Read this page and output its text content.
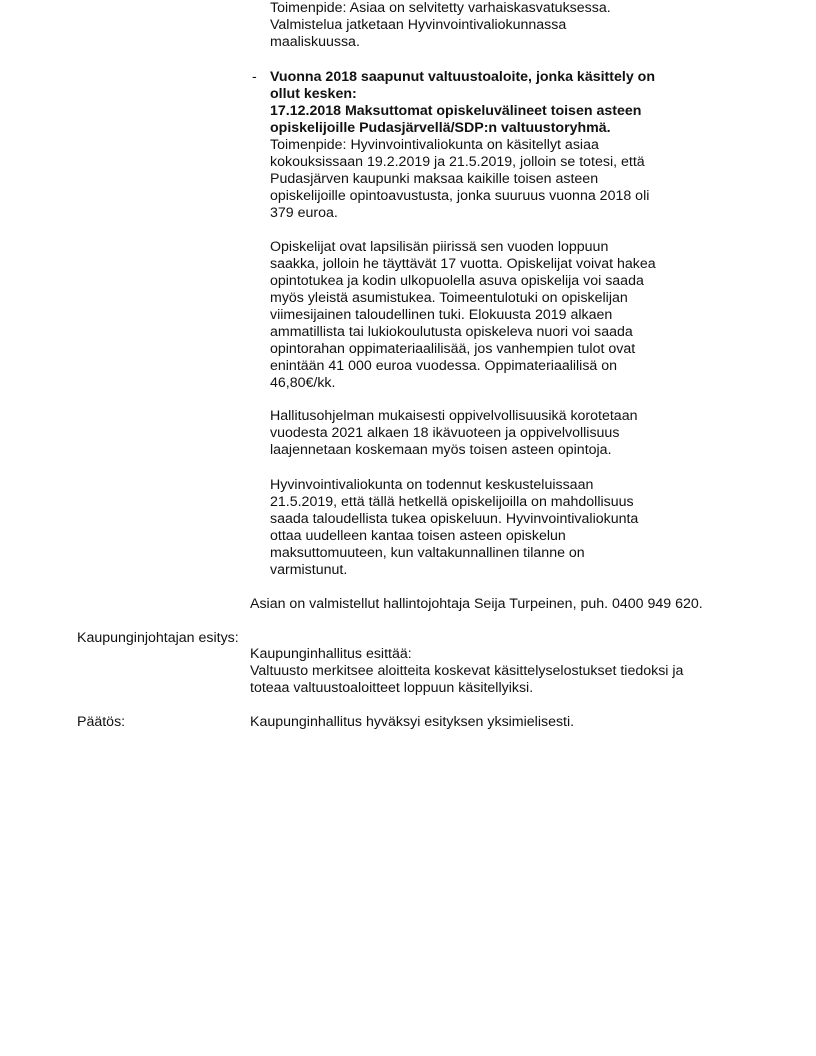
Toimenpide: Asiaa on selvitetty varhaiskasvatuksessa.
Valmistelua jatketaan Hyvinvointivaliokunnassa
maaliskuussa.
- Vuonna 2018 saapunut valtuustoaloite, jonka käsittely on
ollut kesken:
17.12.2018 Maksuttomat opiskeluvälineet toisen asteen
opiskelijoille Pudasjärvellä/SDP:n valtuustoryhmä.
Toimenpide: Hyvinvointivaliokunta on käsitellyt asiaa
kokouksissaan 19.2.2019 ja 21.5.2019, jolloin se totesi, että
Pudasjärven kaupunki maksaa kaikille toisen asteen
opiskelijoille opintoavustusta, jonka suuruus vuonna 2018 oli
379 euroa.
Opiskelijat ovat lapsilisän piirissä sen vuoden loppuun
saakka, jolloin he täyttävät 17 vuotta. Opiskelijat voivat hakea
opintotukea ja kodin ulkopuolella asuva opiskelija voi saada
myös yleistä asumistukea. Toimeentulotuki on opiskelijan
viimesijainen taloudellinen tuki. Elokuusta 2019 alkaen
ammatillista tai lukiokoulutusta opiskeleva nuori voi saada
opintorahan oppimateriaalilisää, jos vanhempien tulot ovat
enintään 41 000 euroa vuodessa. Oppimateriaalilisä on
46,80€/kk.
Hallitusohjelman mukaisesti oppivelvollisuusikä korotetaan
vuodesta 2021 alkaen 18 ikävuoteen ja oppivelvollisuus
laajennetaan koskemaan myös toisen asteen opintoja.
Hyvinvointivaliokunta on todennut keskusteluissaan
21.5.2019, että tällä hetkellä opiskelijoilla on mahdollisuus
saada taloudellista tukea opiskeluun. Hyvinvointivaliokunta
ottaa uudelleen kantaa toisen asteen opiskelun
maksuttomuuteen, kun valtakunnallinen tilanne on
varmistunut.
Asian on valmistellut hallintojohtaja Seija Turpeinen, puh. 0400 949 620.
Kaupunginjohtajan esitys:
Kaupunginhallitus esittää:
Valtuusto merkitsee aloitteita koskevat käsittelyselostukset tiedoksi ja
toteaa valtuustoaloitteet loppuun käsitellyiksi.
Päätös:	Kaupunginhallitus hyväksyi esityksen yksimielisesti.
